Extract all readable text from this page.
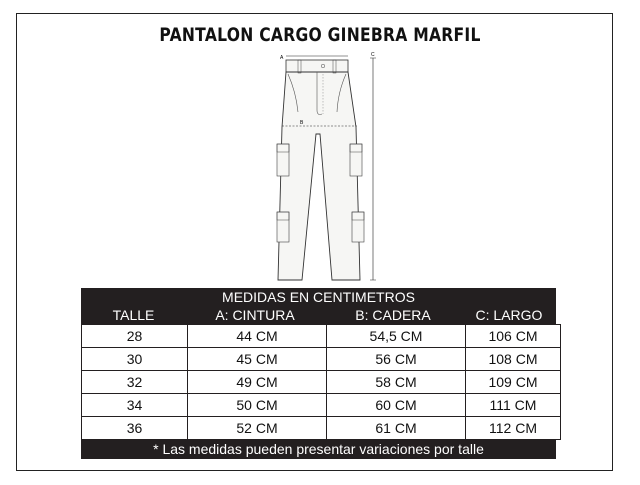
PANTALON CARGO GINEBRA MARFIL
A
B
C
MEDIDAS EN CENTIMETROS
TALLE	A: CINTURA	B: CADERA	C: LARGO
28	44 CM	54,5 CM	106 CM
30	45 CM	56 CM	108 CM
32	49 CM	58 CM	109 CM
34	50 CM	60 CM	111 CM
36	52 CM	61 CM	112 CM
* Las medidas pueden presentar variaciones por talle
